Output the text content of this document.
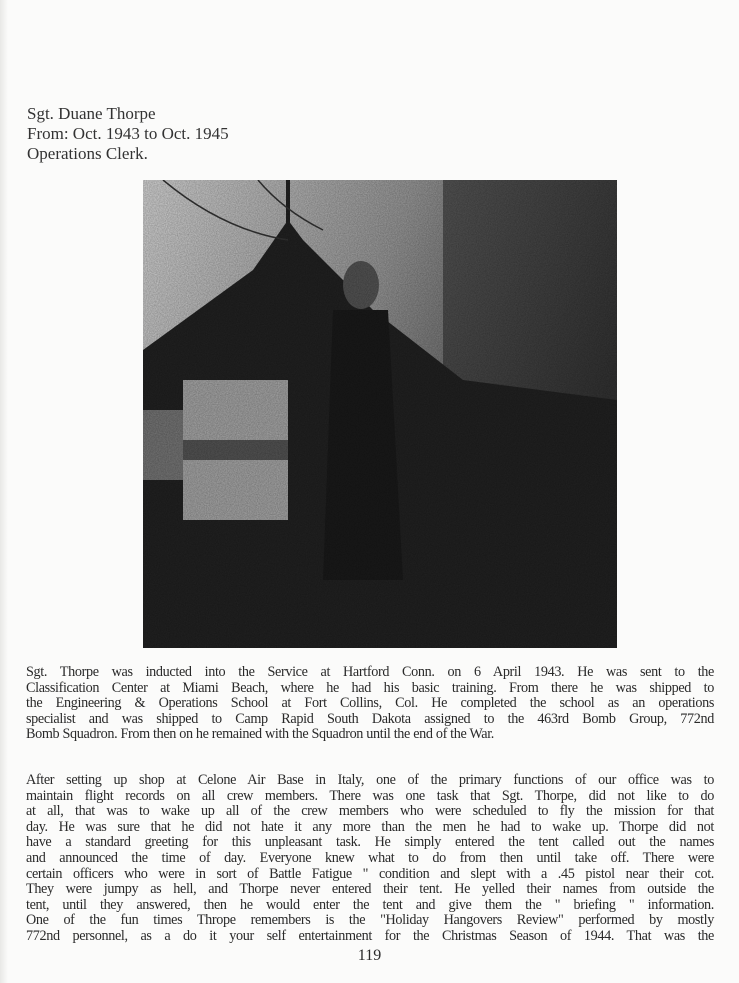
Sgt. Duane Thorpe
From: Oct. 1943 to Oct. 1945
Operations Clerk.
Sgt. Thorpe was inducted into the Service at Hartford Conn. on 6 April 1943. He was sent to the
Classification Center at Miami Beach, where he had his basic training. From there he was shipped to
the Engineering & Operations School at Fort Collins, Col. He completed the school as an operations
specialist and was shipped to Camp Rapid South Dakota assigned to the 463rd Bomb Group, 772nd
Bomb Squadron. From then on he remained with the Squadron until the end of the War.
After setting up shop at Celone Air Base in Italy, one of the primary functions of our office was to
maintain flight records on all crew members. There was one task that Sgt. Thorpe, did not like to do
at all, that was to wake up all of the crew members who were scheduled to fly the mission for that
day. He was sure that he did not hate it any more than the men he had to wake up. Thorpe did not
have a standard greeting for this unpleasant task. He simply entered the tent called out the names
and announced the time of day. Everyone knew what to do from then until take off. There were
certain officers who were in sort of Battle Fatigue " condition and slept with a .45 pistol near their cot.
They were jumpy as hell, and Thorpe never entered their tent. He yelled their names from outside the
tent, until they answered, then he would enter the tent and give them the " briefing " information.
One of the fun times Thrope remembers is the "Holiday Hangovers Review" performed by mostly
772nd personnel, as a do it your self entertainment for the Christmas Season of 1944. That was the
119
